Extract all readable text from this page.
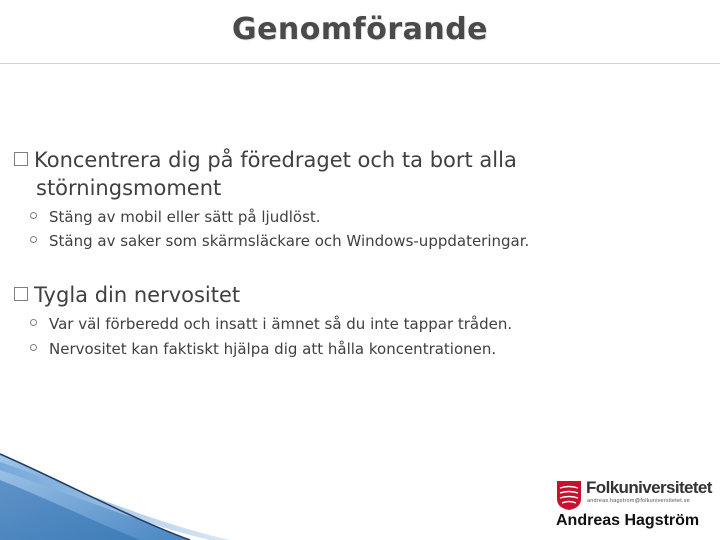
Genomförande
Koncentrera dig på föredraget och ta bort alla
störningsmoment
Stäng av mobil eller sätt på ljudlöst.
Stäng av saker som skärmsläckare och Windows-uppdateringar.
Tygla din nervositet
Var väl förberedd och insatt i ämnet så du inte tappar tråden.
Nervositet kan faktiskt hjälpa dig att hålla koncentrationen.
Folkuniversitetet
andreas.hagstrom@folkuniversitetet.se
Andreas Hagström
